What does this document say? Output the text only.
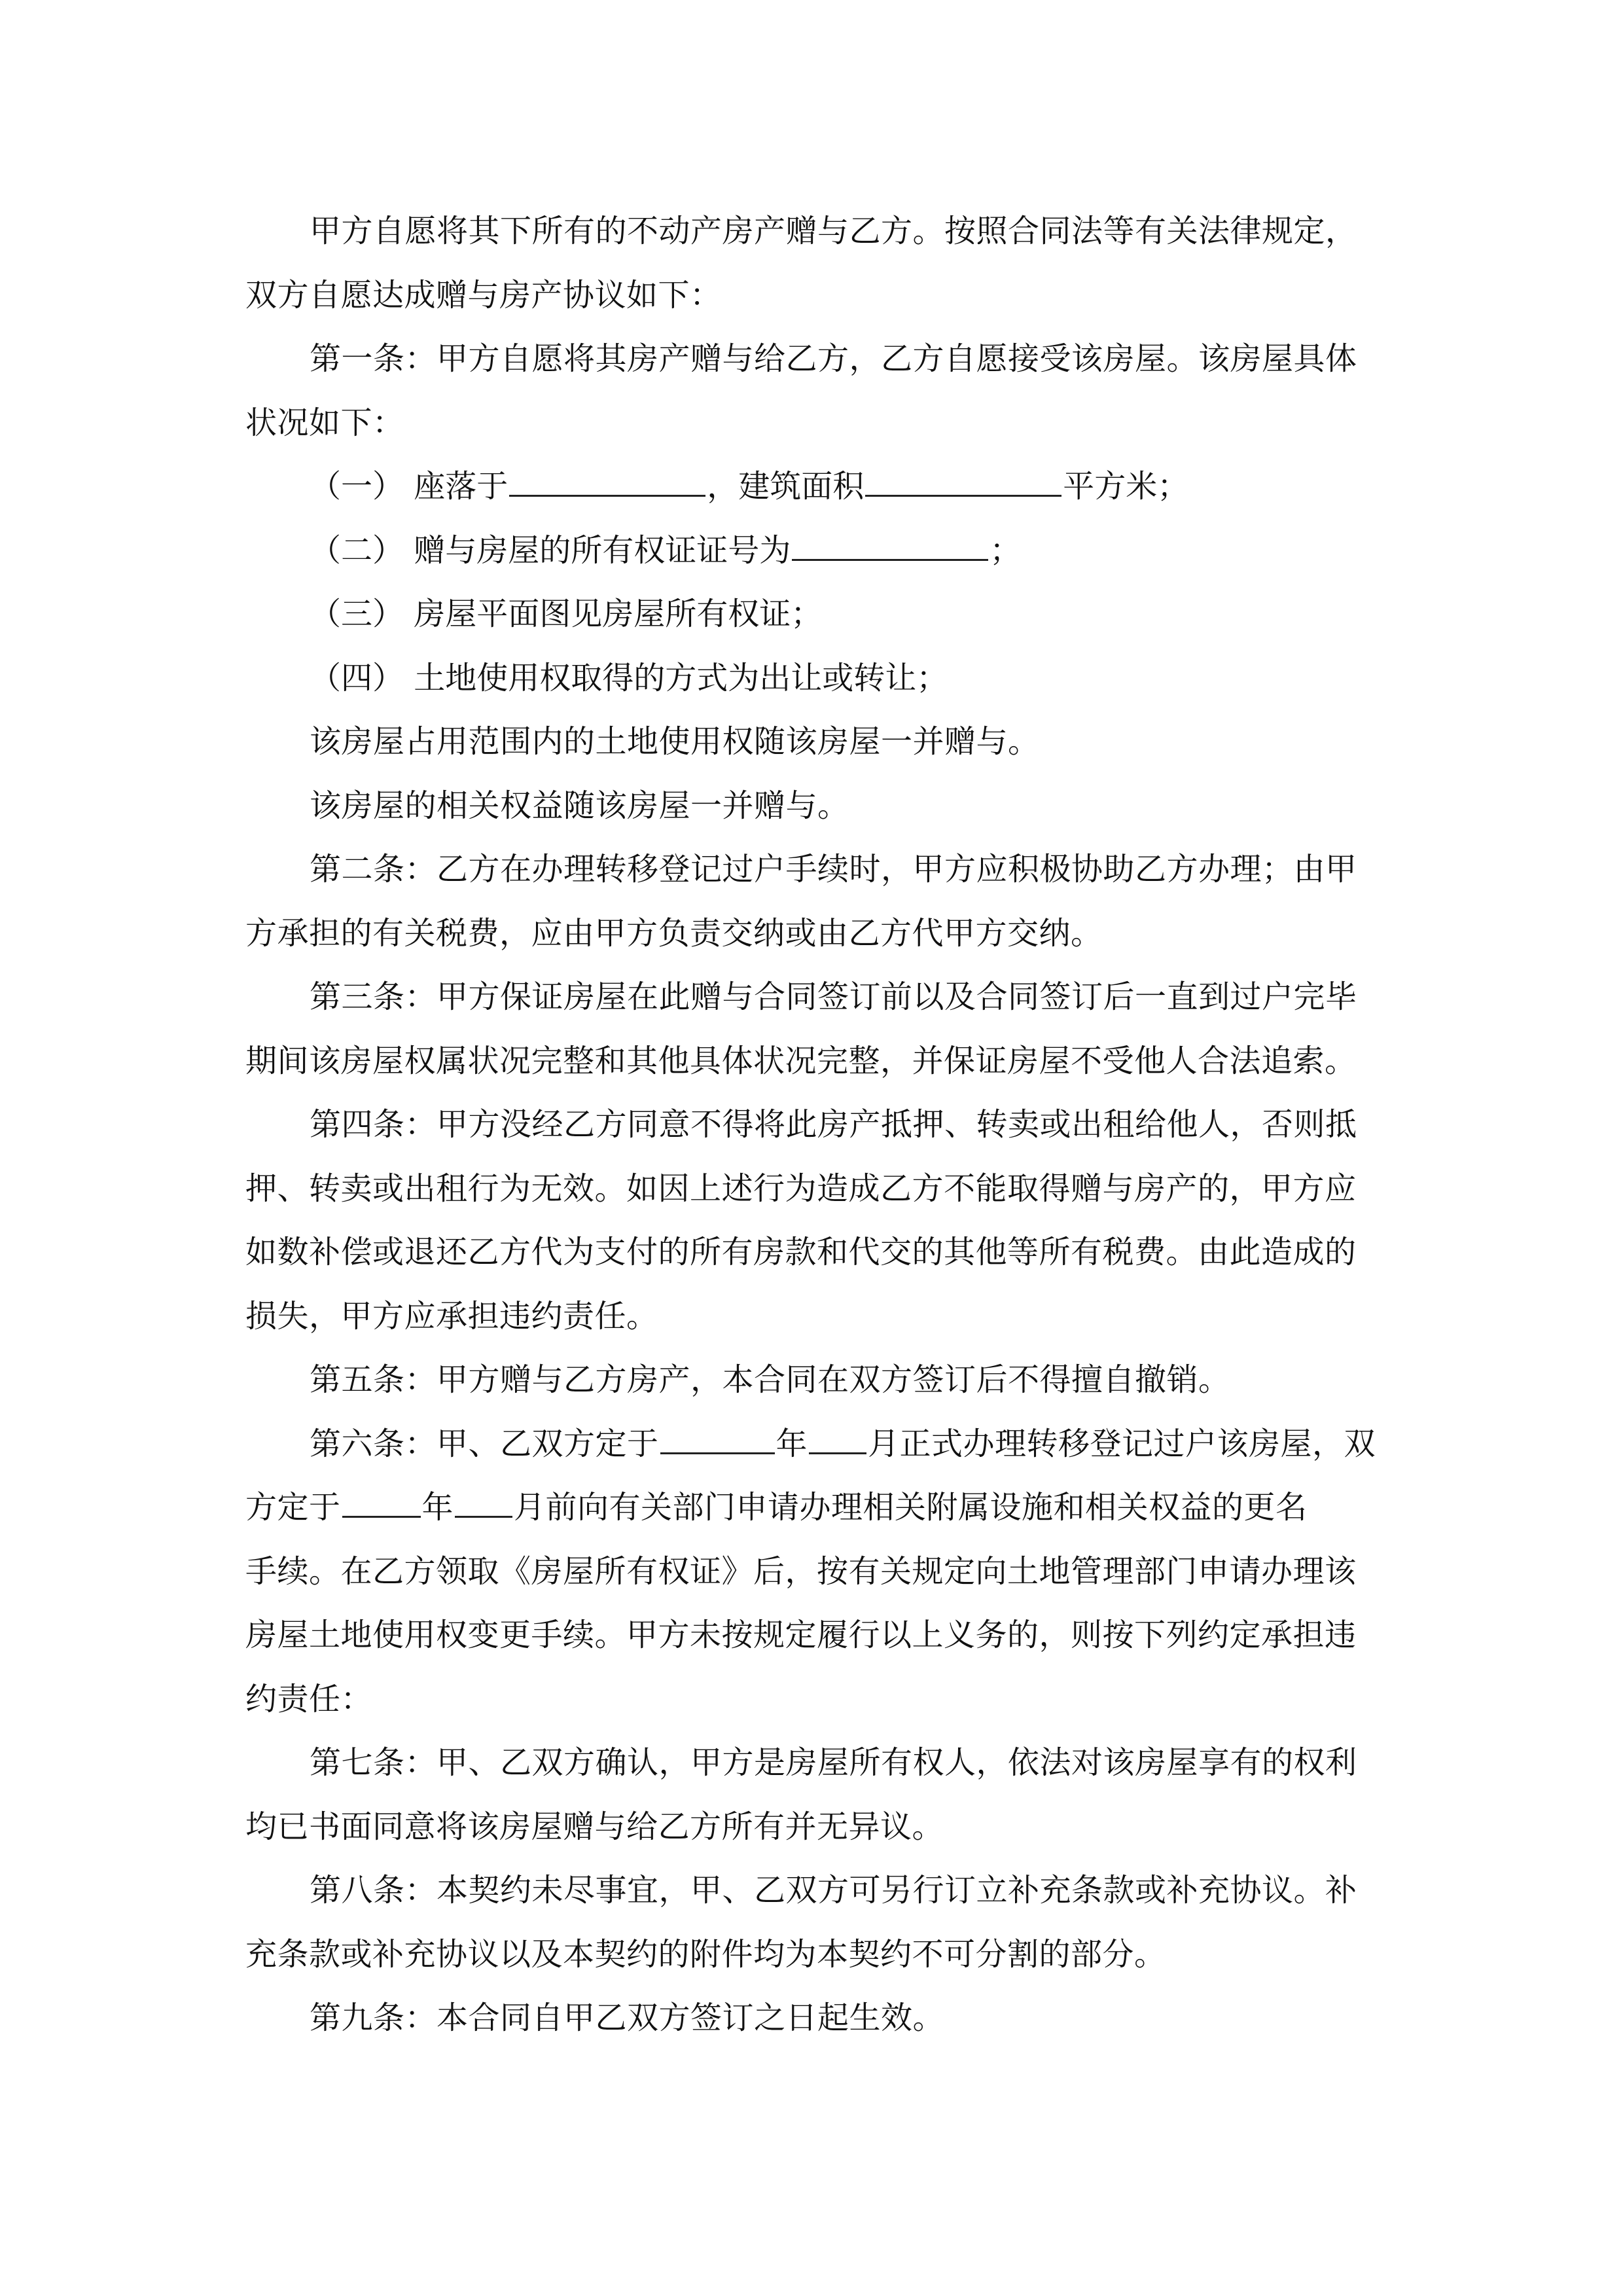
甲方自愿将其下所有的不动产房产赠与乙方。按照合同法等有关法律规定，
双方自愿达成赠与房产协议如下：

第一条：甲方自愿将其房产赠与给乙方，乙方自愿接受该房屋。该房屋具体
状况如下：

（一） 座落于	，建筑面积	平方米；

（二） 赠与房屋的所有权证证号为	；

（三） 房屋平面图见房屋所有权证；

（四） 土地使用权取得的方式为出让或转让；

该房屋占用范围内的土地使用权随该房屋一并赠与。

该房屋的相关权益随该房屋一并赠与。

第二条：乙方在办理转移登记过户手续时，甲方应积极协助乙方办理；由甲
方承担的有关税费，应由甲方负责交纳或由乙方代甲方交纳。

第三条：甲方保证房屋在此赠与合同签订前以及合同签订后一直到过户完毕
期间该房屋权属状况完整和其他具体状况完整，并保证房屋不受他人合法追索。

第四条：甲方没经乙方同意不得将此房产抵押、转卖或出租给他人，否则抵
押、转卖或出租行为无效。如因上述行为造成乙方不能取得赠与房产的，甲方应
如数补偿或退还乙方代为支付的所有房款和代交的其他等所有税费。由此造成的
损失，甲方应承担违约责任。

第五条：甲方赠与乙方房产，本合同在双方签订后不得擅自撤销。

第六条：甲、乙双方定于	年 月正式办理转移登记过户该房屋，双
方定于	年 月前向有关部门申请办理相关附属设施和相关权益的更名
手续。在乙方领取《房屋所有权证》后，按有关规定向土地管理部门申请办理该
房屋土地使用权变更手续。甲方未按规定履行以上义务的，则按下列约定承担违
约责任：

第七条：甲、乙双方确认，甲方是房屋所有权人，依法对该房屋享有的权利
均已书面同意将该房屋赠与给乙方所有并无异议。

第八条：本契约未尽事宜，甲、乙双方可另行订立补充条款或补充协议。补
充条款或补充协议以及本契约的附件均为本契约不可分割的部分。

第九条：本合同自甲乙双方签订之日起生效。
